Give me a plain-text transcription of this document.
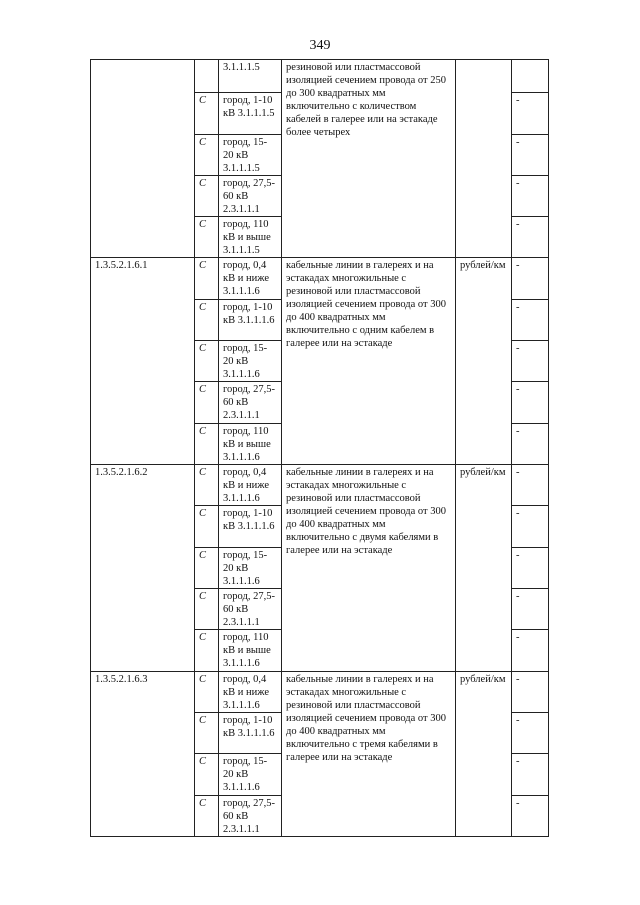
349
		3.1.1.1.5	резиновой или пластмассовой изоляцией сечением провода от 250 до 300 квадратных мм включительно с количеством кабелей в галерее или на эстакаде более четырех		
	С	город, 1-10 кВ 3.1.1.1.5			-
	С	город, 15-20 кВ 3.1.1.1.5			-
	С	город, 27,5-60 кВ 2.3.1.1.1			-
	С	город, 110 кВ и выше 3.1.1.1.5			-
1.3.5.2.1.6.1	С	город, 0,4 кВ и ниже 3.1.1.1.6	кабельные линии в галереях и на эстакадах многожильные с резиновой или пластмассовой изоляцией сечением провода от 300 до 400 квадратных мм включительно с одним кабелем в галерее или на эстакаде	рублей/км	-
	С	город, 1-10 кВ 3.1.1.1.6			-
	С	город, 15-20 кВ 3.1.1.1.6			-
	С	город, 27,5-60 кВ 2.3.1.1.1			-
	С	город, 110 кВ и выше 3.1.1.1.6			-
1.3.5.2.1.6.2	С	город, 0,4 кВ и ниже 3.1.1.1.6	кабельные линии в галереях и на эстакадах многожильные с резиновой или пластмассовой изоляцией сечением провода от 300 до 400 квадратных мм включительно с двумя кабелями в галерее или на эстакаде	рублей/км	-
	С	город, 1-10 кВ 3.1.1.1.6			-
	С	город, 15-20 кВ 3.1.1.1.6			-
	С	город, 27,5-60 кВ 2.3.1.1.1			-
	С	город, 110 кВ и выше 3.1.1.1.6			-
1.3.5.2.1.6.3	С	город, 0,4 кВ и ниже 3.1.1.1.6	кабельные линии в галереях и на эстакадах многожильные с резиновой или пластмассовой изоляцией сечением провода от 300 до 400 квадратных мм включительно с тремя кабелями в галерее или на эстакаде	рублей/км	-
	С	город, 1-10 кВ 3.1.1.1.6			-
	С	город, 15-20 кВ 3.1.1.1.6			-
	С	город, 27,5-60 кВ 2.3.1.1.1			-
